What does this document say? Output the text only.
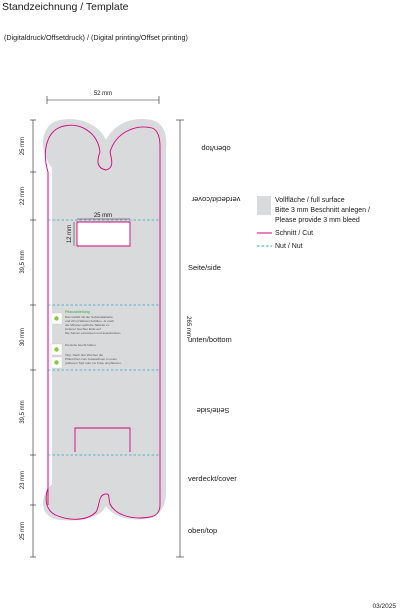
Standzeichnung / Template
(Digitaldruck/Offsetdruck) / (Digital printing/Offset printing)
52 mm
25 mm
12 mm
25 mm
22 mm
39,5 mm
30 mm
39,5 mm
23 mm
25 mm
265 mm
oben/top
verdeckt/cover
Seite/side
unten/bottom
Seite/side
verdeckt/cover
oben/top
Vollfläche / full surface
Bitte 3 mm Beschnitt anlegen /
Please provide 3 mm bleed
Schnitt / Cut
Nut / Nut
Pflanzanleitung
Das Gefäß mit der Substrattablette
und 20 ml Wasser befüllen. Je nach
der Minuten quillt die Tablette zu
lockerer feuchter Erde auf.
Die Samen einstreuen und anandrücken.
Die Erde feucht halten.
Tipp: Nach drei Wochen die
Pflänzchen zum Auswachsen in einen
größeren Topf oder ins Freie umpflanzen.
03/2025
